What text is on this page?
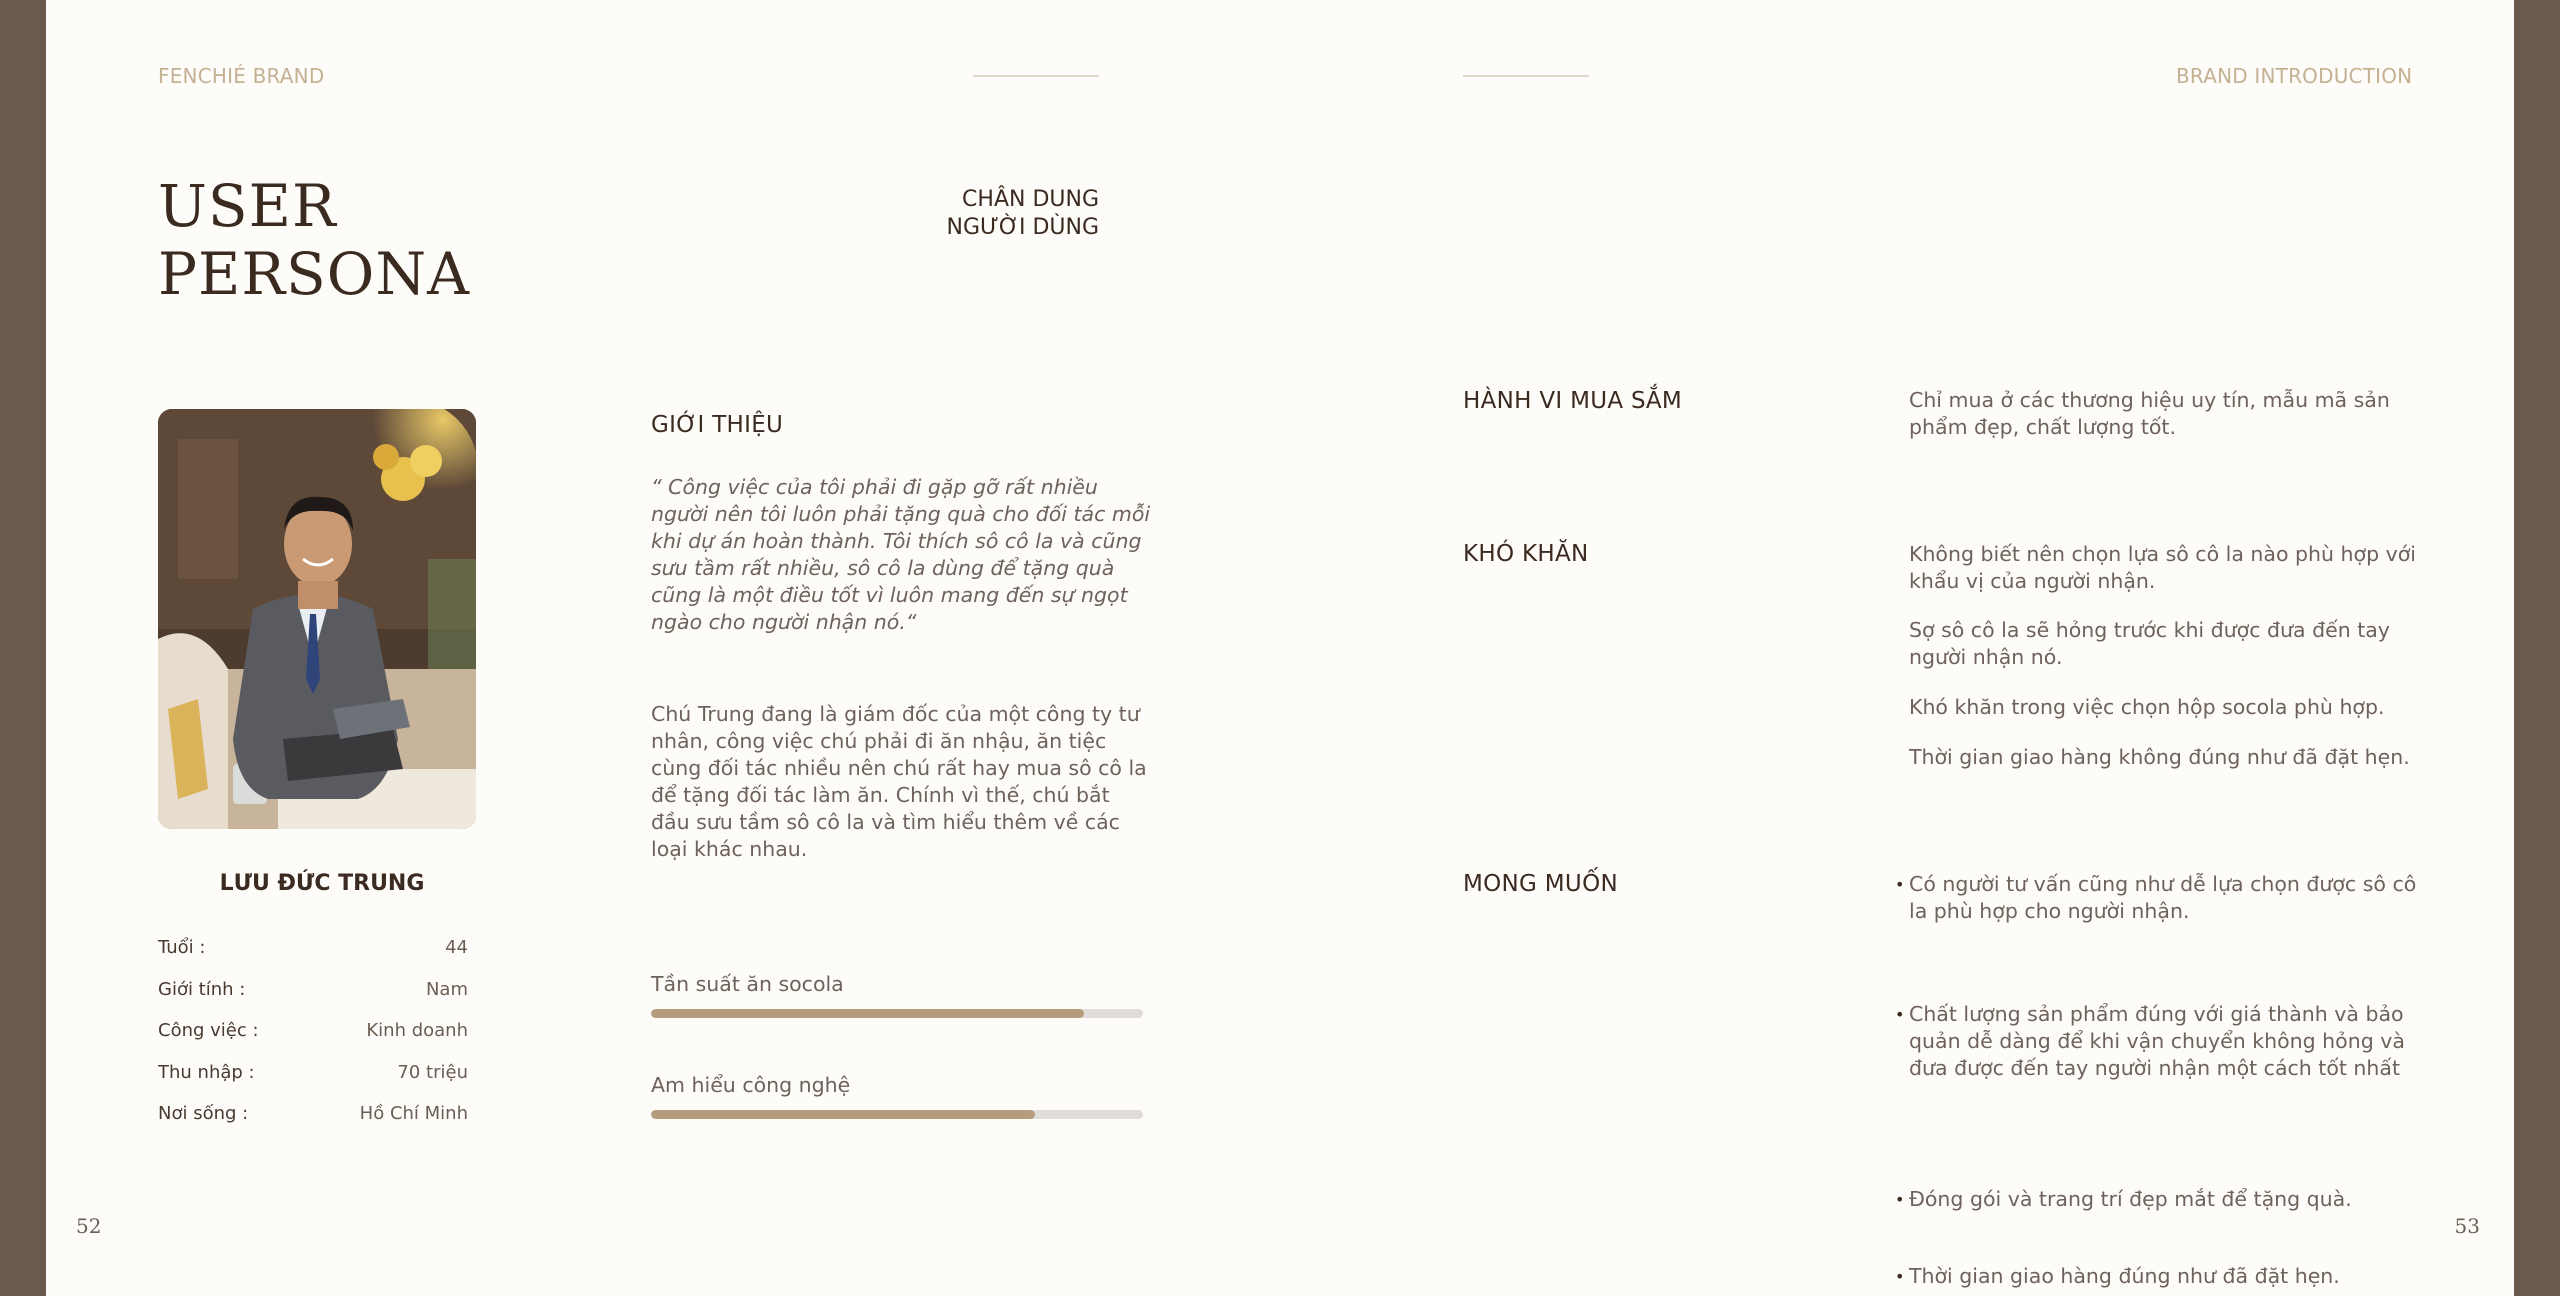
FENCHIÉ BRAND	BRAND INTRODUCTION
USER
PERSONA
CHÂN DUNG
NGƯỜI DÙNG
LƯU ĐỨC TRUNG
Tuổi :	44
Giới tính :	Nam
Công việc :	Kinh doanh
Thu nhập :	70 triệu
Nơi sống :	Hồ Chí Minh
GIỚI THIỆU
“ Công việc của tôi phải đi gặp gỡ rất nhiều người nên tôi luôn phải tặng quà cho đối tác mỗi khi dự án hoàn thành. Tôi thích sô cô la và cũng sưu tầm rất nhiều, sô cô la dùng để tặng quà cũng là một điều tốt vì luôn mang đến sự ngọt ngào cho người nhận nó.“
Chú Trung đang là giám đốc của một công ty tư nhân, công việc chú phải đi ăn nhậu, ăn tiệc cùng đối tác nhiều nên chú rất hay mua sô cô la để tặng đối tác làm ăn. Chính vì thế, chú bắt đầu sưu tầm sô cô la và tìm hiểu thêm về các loại khác nhau.
Tần suất ăn socola
Am hiểu công nghệ
HÀNH VI MUA SẮM	Chỉ mua ở các thương hiệu uy tín, mẫu mã sản phẩm đẹp, chất lượng tốt.
KHÓ KHĂN	Không biết nên chọn lựa sô cô la nào phù hợp với khẩu vị của người nhận.
Sợ sô cô la sẽ hỏng trước khi được đưa đến tay người nhận nó.
Khó khăn trong việc chọn hộp socola phù hợp.
Thời gian giao hàng không đúng như đã đặt hẹn.
MONG MUỐN	• Có người tư vấn cũng như dễ lựa chọn được sô cô la phù hợp cho người nhận.
• Chất lượng sản phẩm đúng với giá thành và bảo quản dễ dàng để khi vận chuyển không hỏng và đưa được đến tay người nhận một cách tốt nhất
• Đóng gói và trang trí đẹp mắt để tặng quà.
• Thời gian giao hàng đúng như đã đặt hẹn.
52	53
